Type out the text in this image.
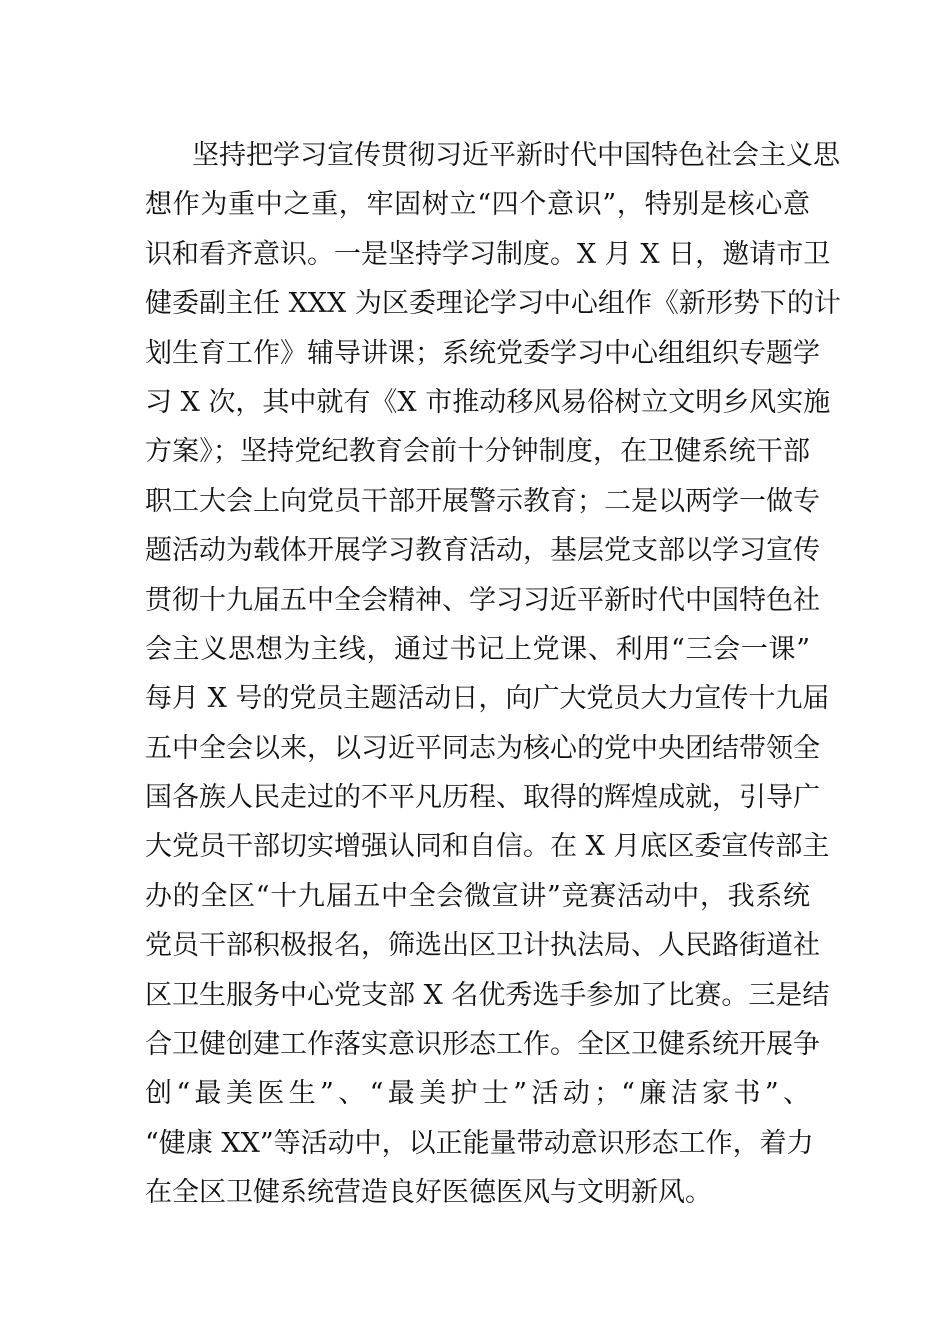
坚持把学习宣传贯彻习近平新时代中国特色社会主义思
想作为重中之重，牢固树立“四个意识”，特别是核心意
识和看齐意识。一是坚持学习制度。X 月 X 日，邀请市卫
健委副主任 XXX 为区委理论学习中心组作《新形势下的计
划生育工作》辅导讲课；系统党委学习中心组组织专题学
习 X 次，其中就有《X 市推动移风易俗树立文明乡风实施
方案》；坚持党纪教育会前十分钟制度，在卫健系统干部
职工大会上向党员干部开展警示教育；二是以两学一做专
题活动为载体开展学习教育活动，基层党支部以学习宣传
贯彻十九届五中全会精神、学习习近平新时代中国特色社
会主义思想为主线，通过书记上党课、利用“三会一课”
每月 X 号的党员主题活动日，向广大党员大力宣传十九届
五中全会以来，以习近平同志为核心的党中央团结带领全
国各族人民走过的不平凡历程、取得的辉煌成就，引导广
大党员干部切实增强认同和自信。在 X 月底区委宣传部主
办的全区“十九届五中全会微宣讲”竞赛活动中，我系统
党员干部积极报名，筛选出区卫计执法局、人民路街道社
区卫生服务中心党支部 X 名优秀选手参加了比赛。三是结
合卫健创建工作落实意识形态工作。全区卫健系统开展争
创“最美医生”、“最美护士”活动；“廉洁家书”、
“健康 XX”等活动中，以正能量带动意识形态工作，着力
在全区卫健系统营造良好医德医风与文明新风。
